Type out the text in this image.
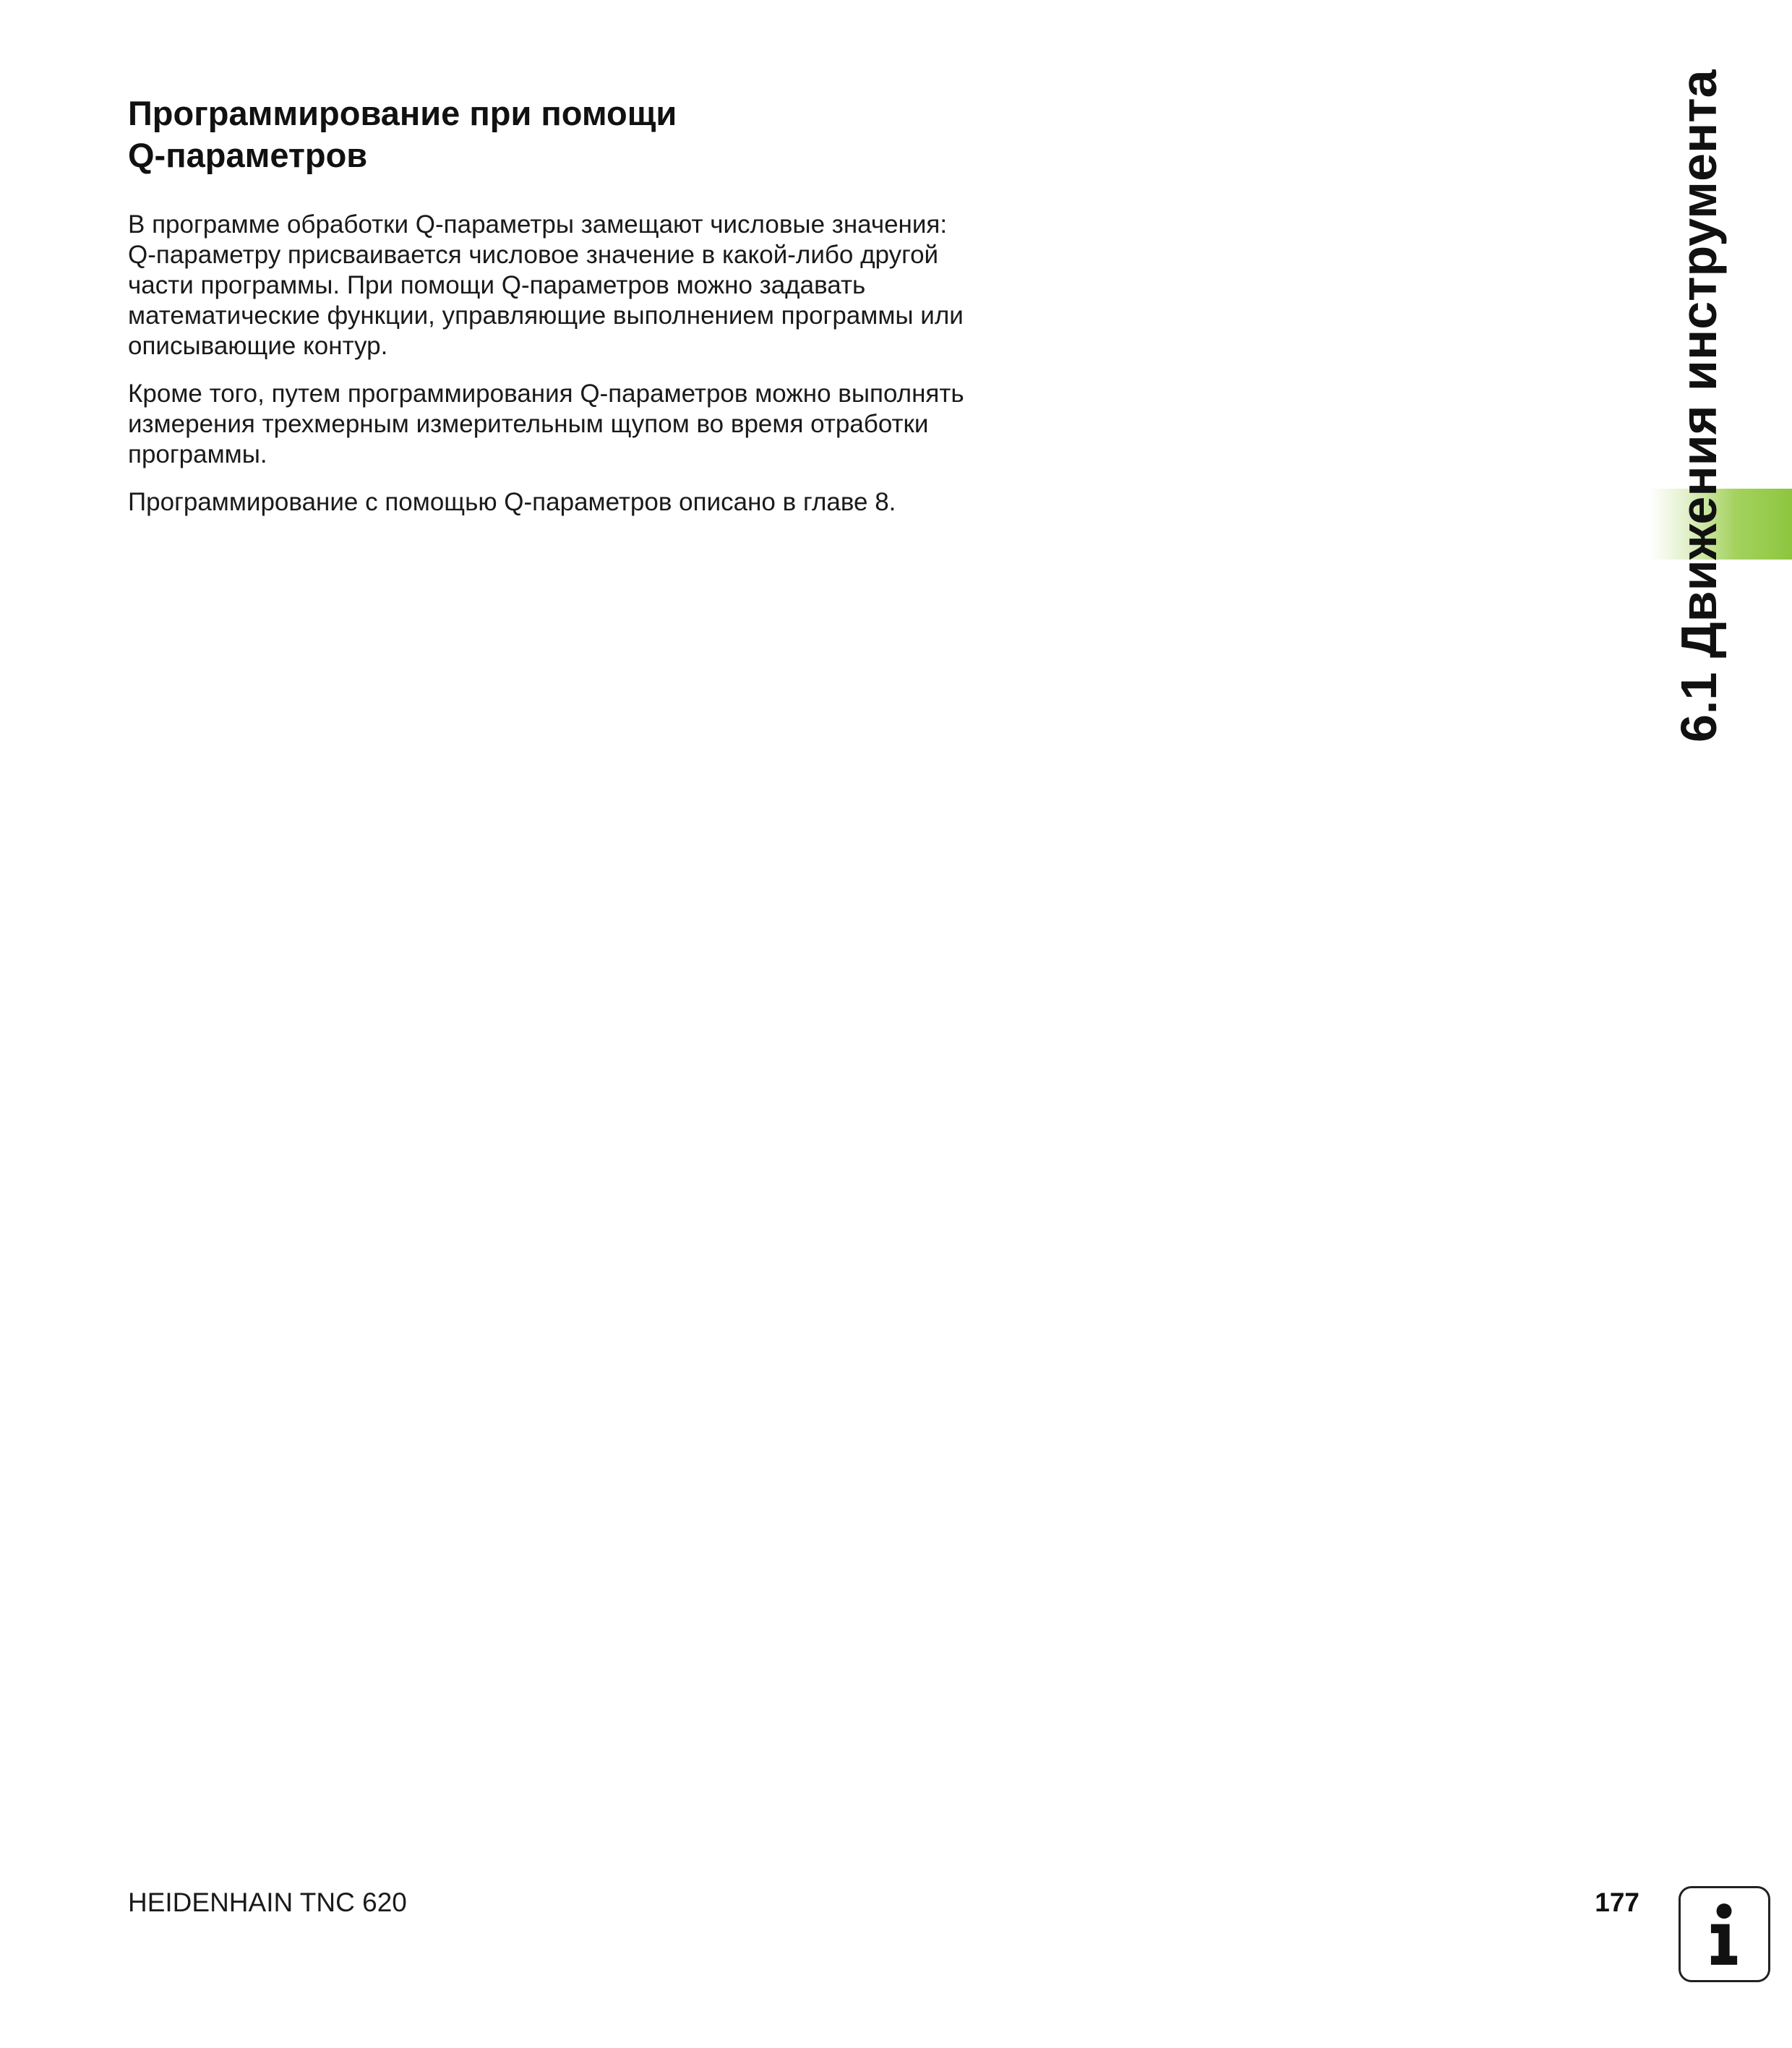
Программирование при помощи
Q-параметров

В программе обработки Q-параметры замещают числовые значения: Q-параметру присваивается числовое значение в какой-либо другой части программы. При помощи Q-параметров можно задавать математические функции, управляющие выполнением программы или описывающие контур.

Кроме того, путем программирования Q-параметров можно выполнять измерения трехмерным измерительным щупом во время отработки программы.

Программирование с помощью Q-параметров описано в главе 8.	6.1 Движения инструмента
HEIDENHAIN TNC 620	177
